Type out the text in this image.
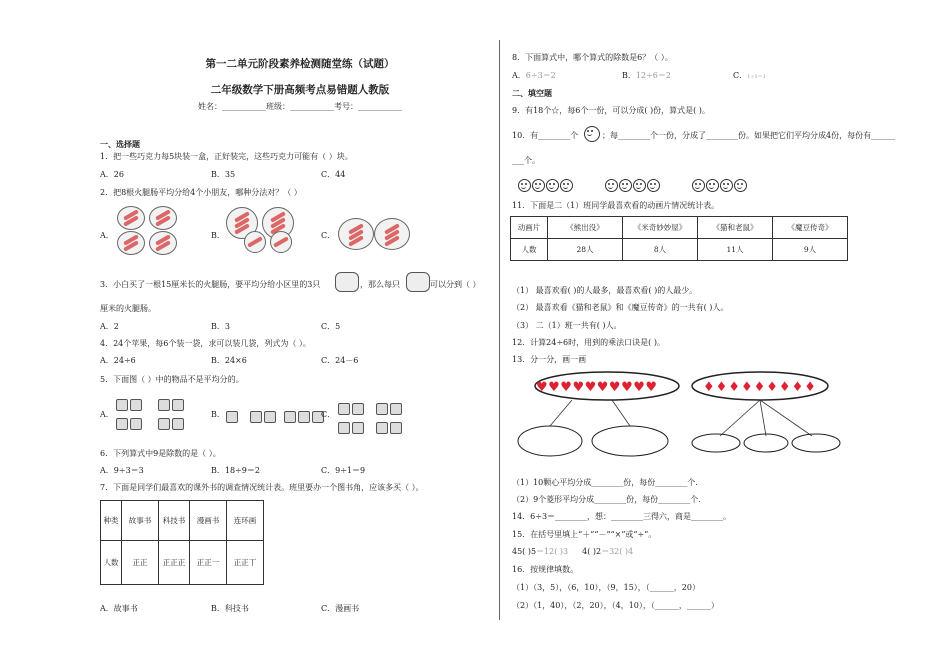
第一二单元阶段素养检测随堂练（试题）
二年级数学下册高频考点易错题人教版
姓名：___________班级：___________考号：___________
一、选择题
1．把一些巧克力每5块装一盒，正好装完，这些巧克力可能有（ ）块。
A．26	B．35	C．44
2．把8根火腿肠平均分给4个小朋友，哪种分法对？（ ）
A．	B．	C．
3．小白买了一根15厘米长的火腿肠，要平均分给小区里的3只	，那么每只	可以分到（ ）
厘米的火腿肠。
A．2	B．3	C．5
4．24个苹果，每6个装一袋，求可以装几袋，列式为（ ）。
A．24÷6	B．24×6	C．24－6
5．下面图（ ）中的物品不是平均分的。
A．	B．	C．

6．下列算式中9是除数的是（ ）。
A．9÷3＝3	B．18÷9＝2	C．9÷1＝9
7．下面是同学们最喜欢的课外书的调查情况统计表。班里要办一个图书角，应该多买（ ）。
种类	故事书	科技书	漫画书	连环画
人数	正正	正正正	正正一	正正丅
A．故事书	B．科技书	C．漫画书
8．下面算式中，哪个算式的除数是6？（ ）。
A．6÷3＝2	B．12÷6＝2	C．1÷1＝1
二、填空题
9．有18个☆，每6个一份，可以分成( )份，算式是( )。
10．有________个	；每________个一份，分成了________份。如果把它们平均分成4份，每份有______
___个。
11．下面是二（1）班同学最喜欢看的动画片情况统计表。
动画片	《熊出没》	《米奇妙妙屋》	《猫和老鼠》	《魔豆传奇》
人数	28人	8人	11人	9人
（1） 最喜欢看( )的人最多，最喜欢看( )的人最少。
（2） 最喜欢看《猫和老鼠》和《魔豆传奇》的一共有( )人。
（3） 二（1）班一共有( )人。
12．计算24÷6时，用到的乘法口诀是( )。
13．分一分，画一画
♥♥♥♥♥♥♥♥♥♥	♦♦♦♦♦♦♦♦♦
（1）10颗心平均分成________份，每份________个.
（2）9个菱形平均分成________份，每份________个.
14．6÷3＝________，想：________三得六，商是________。
15．在括号里填上“＋”“－”“×”或“÷”。
45( )5＝12( )3 4( )2＝32( )4
16．按规律填数。
（1）（3，5），（6，10），（9，15），（______，20）
（2）（1，40），（2，20），（4，10），（______，______）
